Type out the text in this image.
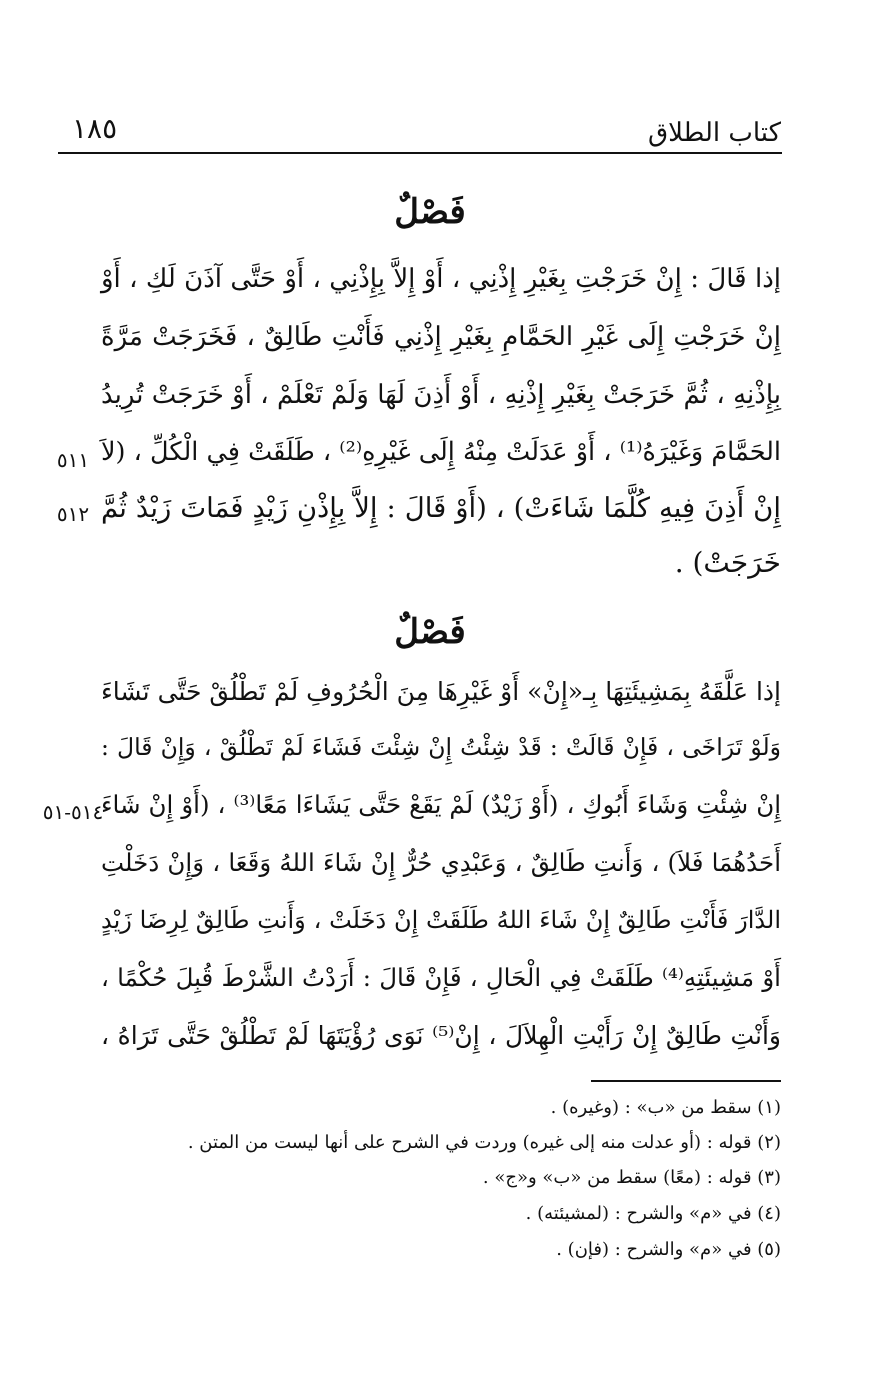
كتاب الطلاق
١٨٥
فَصْلٌ
إذا قَالَ : إِنْ خَرَجْتِ بِغَيْرِ إِذْنِي ، أَوْ إِلاَّ بِإِذْنِي ، أَوْ حَتَّى آذَنَ لَكِ ، أَوْ
إِنْ خَرَجْتِ إِلَى غَيْرِ الحَمَّامِ بِغَيْرِ إِذْنِي فَأَنْتِ طَالِقٌ ، فَخَرَجَتْ مَرَّةً
بِإِذْنِهِ ، ثُمَّ خَرَجَتْ بِغَيْرِ إِذْنِهِ ، أَوْ أَذِنَ لَهَا وَلَمْ تَعْلَمْ ، أَوْ خَرَجَتْ تُرِيدُ
الحَمَّامَ وَغَيْرَهُ⁽¹⁾ ، أَوْ عَدَلَتْ مِنْهُ إِلَى غَيْرِهِ⁽²⁾ ، طَلَقَتْ فِي الْكُلِّ ، (لاَ
إِنْ أَذِنَ فِيهِ كُلَّمَا شَاءَتْ) ، (أَوْ قَالَ : إِلاَّ بِإِذْنِ زَيْدٍ فَمَاتَ زَيْدٌ ثُمَّ
خَرَجَتْ) .
فَصْلٌ
إذا عَلَّقَهُ بِمَشِيئَتِهَا بِـ«إِنْ» أَوْ غَيْرِهَا مِنَ الْحُرُوفِ لَمْ تَطْلُقْ حَتَّى تَشَاءَ
وَلَوْ تَرَاخَى ، فَإِنْ قَالَتْ : قَدْ شِئْتُ إِنْ شِئْتَ فَشَاءَ لَمْ تَطْلُقْ ، وَإِنْ قَالَ :
إِنْ شِئْتِ وَشَاءَ أَبُوكِ ، (أَوْ زَيْدٌ) لَمْ يَقَعْ حَتَّى يَشَاءَا مَعًا⁽³⁾ ، (أَوْ إِنْ شَاءَ
أَحَدُهُمَا فَلاَ) ، وَأَنتِ طَالِقٌ ، وَعَبْدِي حُرٌّ إِنْ شَاءَ اللهُ وَقَعَا ، وَإِنْ دَخَلْتِ
الدَّارَ فَأَنْتِ طَالِقٌ إِنْ شَاءَ اللهُ طَلَقَتْ إِنْ دَخَلَتْ ، وَأَنتِ طَالِقٌ لِرِضَا زَيْدٍ
أَوْ مَشِيئَتِهِ⁽⁴⁾ طَلَقَتْ فِي الْحَالِ ، فَإِنْ قَالَ : أَرَدْتُ الشَّرْطَ قُبِلَ حُكْمًا ،
وَأَنْتِ طَالِقٌ إِنْ رَأَيْتِ الْهِلاَلَ ، إِنْ⁽⁵⁾ نَوَى رُؤْيَتَهَا لَمْ تَطْلُقْ حَتَّى تَرَاهُ ،
٥١١
٥١٢
٥١٤-٥١
(١) سقط من «ب» : (وغيره) .
(٢) قوله : (أو عدلت منه إلى غيره) وردت في الشرح على أنها ليست من المتن .
(٣) قوله : (معًا) سقط من «ب» و«ج» .
(٤) في «م» والشرح : (لمشيئته) .
(٥) في «م» والشرح : (فإن) .
